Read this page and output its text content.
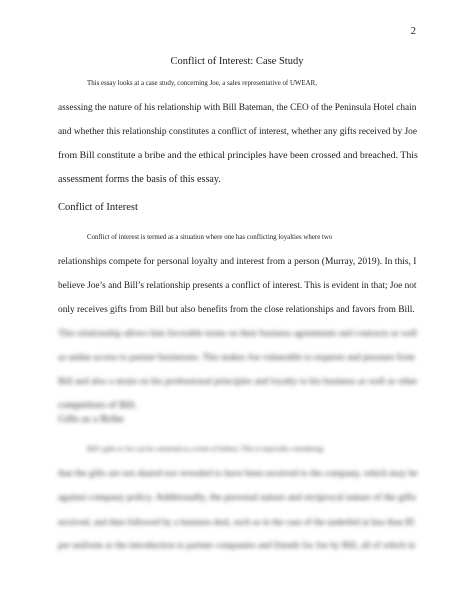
2
Conflict of Interest: Case Study

This essay looks at a case study, concerning Joe, a sales representative of UWEAR,
assessing the nature of his relationship with Bill Bateman, the CEO of the Peninsula Hotel chain
and whether this relationship constitutes a conflict of interest, whether any gifts received by Joe
from Bill constitute a bribe and the ethical principles have been crossed and breached. This
assessment forms the basis of this essay.

Conflict of Interest

Conflict of interest is termed as a situation where one has conflicting loyalties where two
relationships compete for personal loyalty and interest from a person (Murray, 2019). In this, I
believe Joe’s and Bill’s relationship presents a conflict of interest. This is evident in that; Joe not
only receives gifts from Bill but also benefits from the close relationships and favors from Bill.

This relationship allows him favorable terms on their business agreements and contracts as well
as undue access to partner businesses. This makes Joe vulnerable to requests and pressure from
Bill and also a strain on his professional principles and loyalty to his business as well as other
competitors of Bill.

Gifts as a Bribe

Bill’s gifts to Joe can be construed as a form of bribery. This is especially considering
that the gifts are not shared nor revealed to have been received to the company, which may be
against company policy. Additionally, the personal nature and reciprocal nature of the gifts
received, and then followed by a business deal, such as in the case of the underbid at less than $5
per uniform or the introduction to partner companies and friends for Joe by Bill, all of which in
